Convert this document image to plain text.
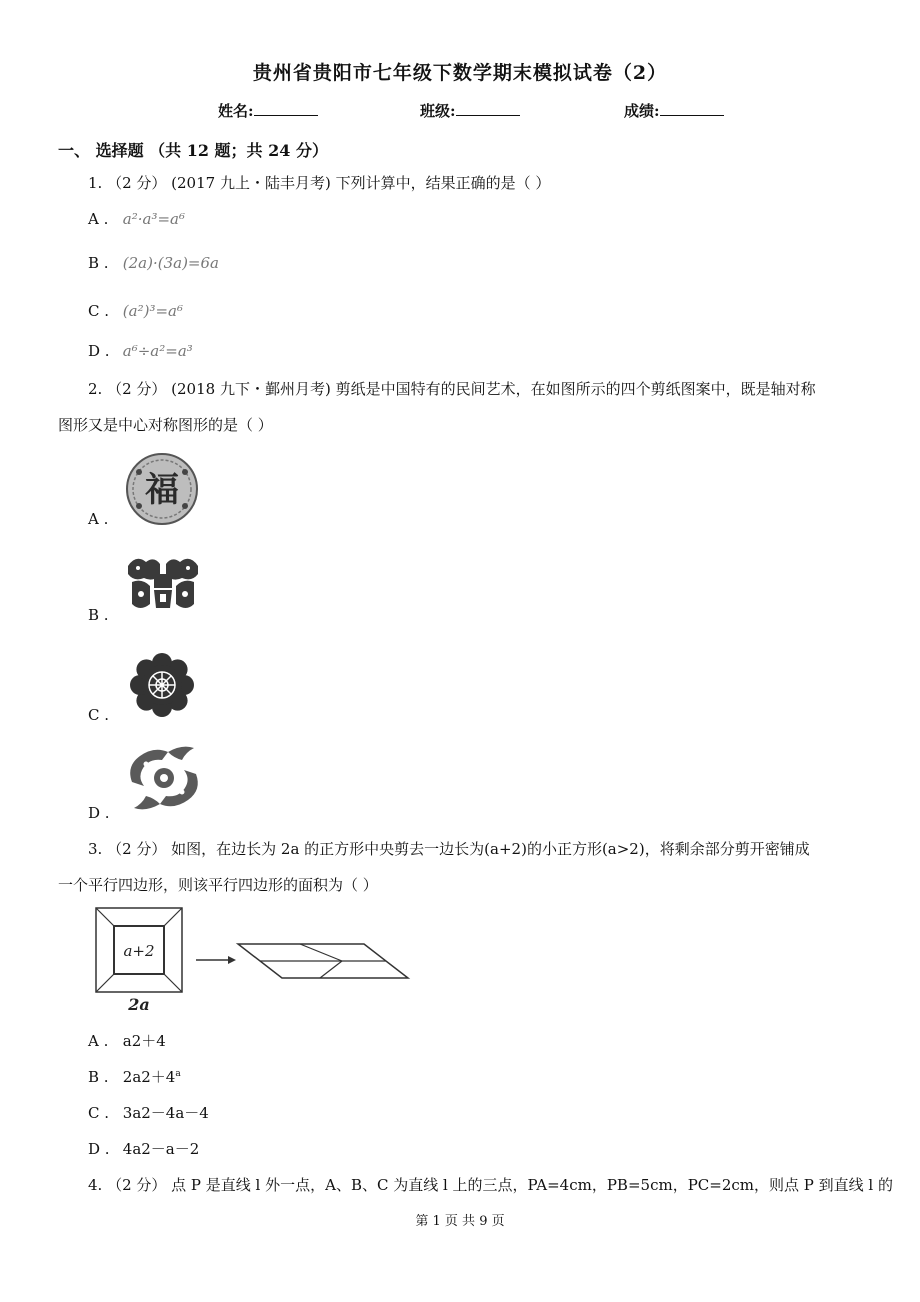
贵州省贵阳市七年级下数学期末模拟试卷（2）
姓名:	班级:	成绩:
一、 选择题 （共 12 题；共 24 分）
1. （2 分） (2017 九上・陆丰月考) 下列计算中，结果正确的是（ ）
A . a²·a³=a⁶
B . (2a)·(3a)=6a
C . (a²)³=a⁶
D . a⁶÷a²=a³
2. （2 分） (2018 九下・鄞州月考) 剪纸是中国特有的民间艺术，在如图所示的四个剪纸图案中，既是轴对称
图形又是中心对称图形的是（ ）
福
A .
B .
C .
D .
3. （2 分） 如图，在边长为 2a 的正方形中央剪去一边长为(a+2)的小正方形(a>2)，将剩余部分剪开密铺成
一个平行四边形，则该平行四边形的面积为（ ）
a+2
2a
A . a2＋4
B . $2a2+4^a$
C . 3a2－4a－4
D . 4a2－a－2
4. （2 分） 点 P 是直线 l 外一点，A、B、C 为直线 l 上的三点，PA=4cm，PB=5cm，PC=2cm，则点 P 到直线 l 的
第 1 页 共 9 页
